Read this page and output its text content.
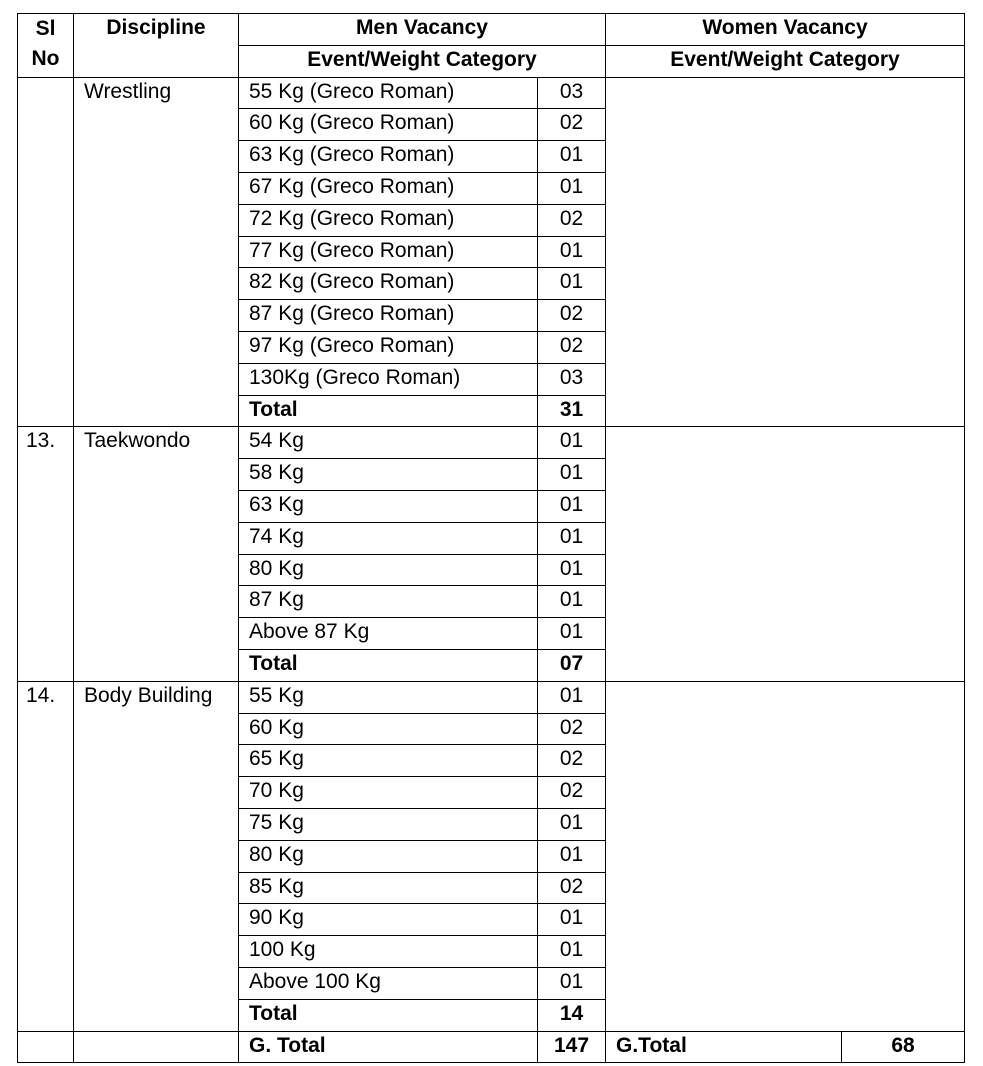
Sl
No	Discipline	Men Vacancy		Women Vacancy	
		Event/Weight Category		Event/Weight Category	
	Wrestling	55 Kg (Greco Roman)	03		
		60 Kg (Greco Roman)	02		
		63 Kg (Greco Roman)	01		
		67 Kg (Greco Roman)	01		
		72 Kg (Greco Roman)	02		
		77 Kg (Greco Roman)	01		
		82 Kg (Greco Roman)	01		
		87 Kg (Greco Roman)	02		
		97 Kg (Greco Roman)	02		
		130Kg (Greco Roman)	03		
		Total	31		
13.	Taekwondo	54 Kg	01		
		58 Kg	01		
		63 Kg	01		
		74 Kg	01		
		80 Kg	01		
		87 Kg	01		
		Above 87 Kg	01		
		Total	07		
14.	Body Building	55 Kg	01		
		60 Kg	02		
		65 Kg	02		
		70 Kg	02		
		75 Kg	01		
		80 Kg	01		
		85 Kg	02		
		90 Kg	01		
		100 Kg	01		
		Above 100 Kg	01		
		Total	14		
		G. Total	147	G.Total	68
